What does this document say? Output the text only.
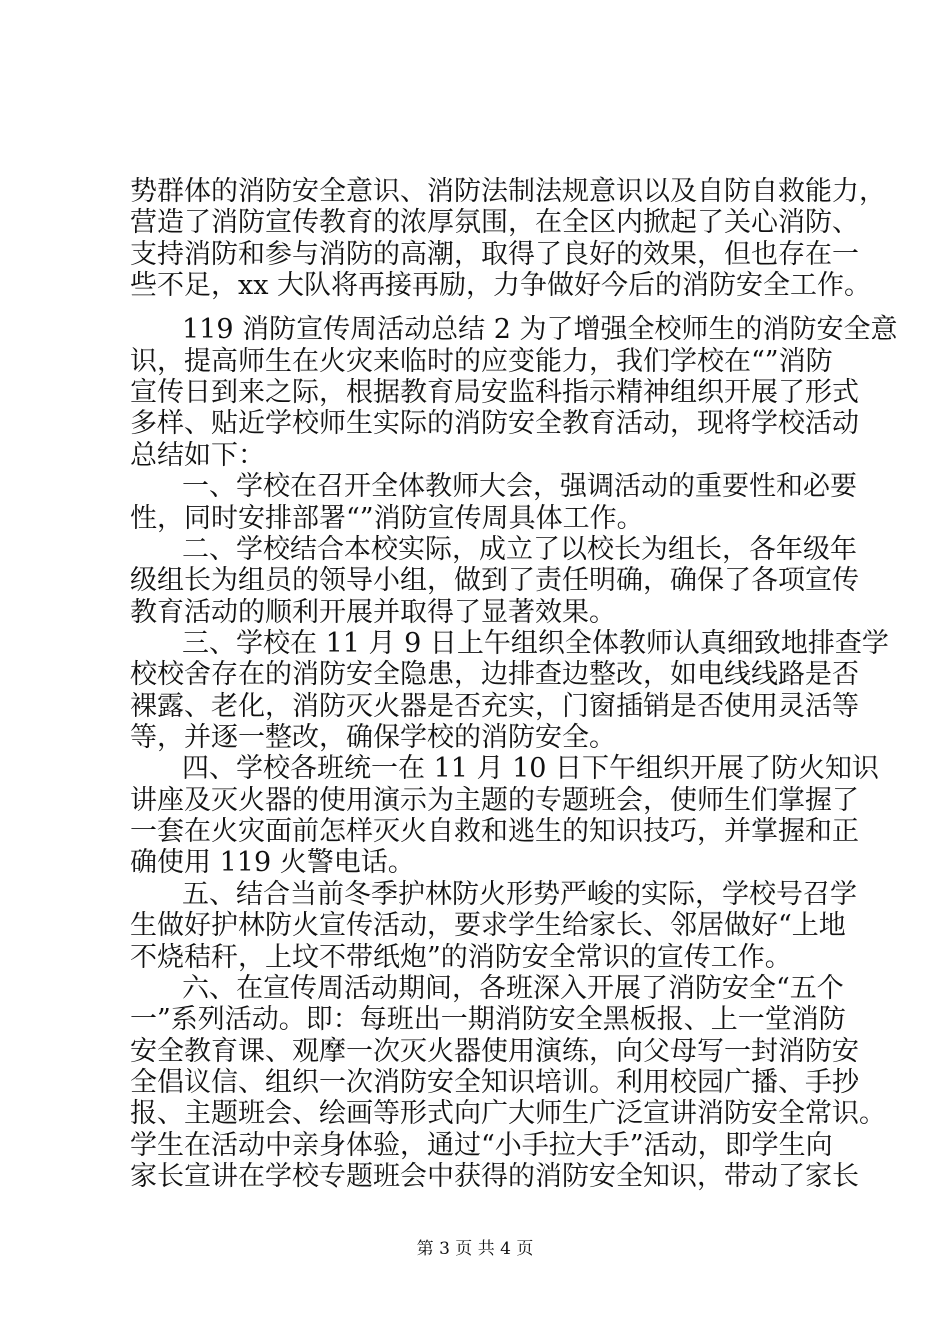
势群体的消防安全意识、消防法制法规意识以及自防自救能力，
营造了消防宣传教育的浓厚氛围，在全区内掀起了关心消防、
支持消防和参与消防的高潮，取得了良好的效果，但也存在一
些不足，xx 大队将再接再励，力争做好今后的消防安全工作。
119 消防宣传周活动总结 2 为了增强全校师生的消防安全意
识，提高师生在火灾来临时的应变能力，我们学校在“”消防
宣传日到来之际，根据教育局安监科指示精神组织开展了形式
多样、贴近学校师生实际的消防安全教育活动，现将学校活动
总结如下：
一、学校在召开全体教师大会，强调活动的重要性和必要
性，同时安排部署“”消防宣传周具体工作。
二、学校结合本校实际，成立了以校长为组长，各年级年
级组长为组员的领导小组，做到了责任明确，确保了各项宣传
教育活动的顺利开展并取得了显著效果。
三、学校在 11 月 9 日上午组织全体教师认真细致地排查学
校校舍存在的消防安全隐患，边排查边整改，如电线线路是否
裸露、老化，消防灭火器是否充实，门窗插销是否使用灵活等
等，并逐一整改，确保学校的消防安全。
四、学校各班统一在 11 月 10 日下午组织开展了防火知识
讲座及灭火器的使用演示为主题的专题班会，使师生们掌握了
一套在火灾面前怎样灭火自救和逃生的知识技巧，并掌握和正
确使用 119 火警电话。
五、结合当前冬季护林防火形势严峻的实际，学校号召学
生做好护林防火宣传活动，要求学生给家长、邻居做好“上地
不烧秸秆，上坟不带纸炮”的消防安全常识的宣传工作。
六、在宣传周活动期间，各班深入开展了消防安全“五个
一”系列活动。即：每班出一期消防安全黑板报、上一堂消防
安全教育课、观摩一次灭火器使用演练，向父母写一封消防安
全倡议信、组织一次消防安全知识培训。利用校园广播、手抄
报、主题班会、绘画等形式向广大师生广泛宣讲消防安全常识。
学生在活动中亲身体验，通过“小手拉大手”活动，即学生向
家长宣讲在学校专题班会中获得的消防安全知识，带动了家长
第 3 页 共 4 页
